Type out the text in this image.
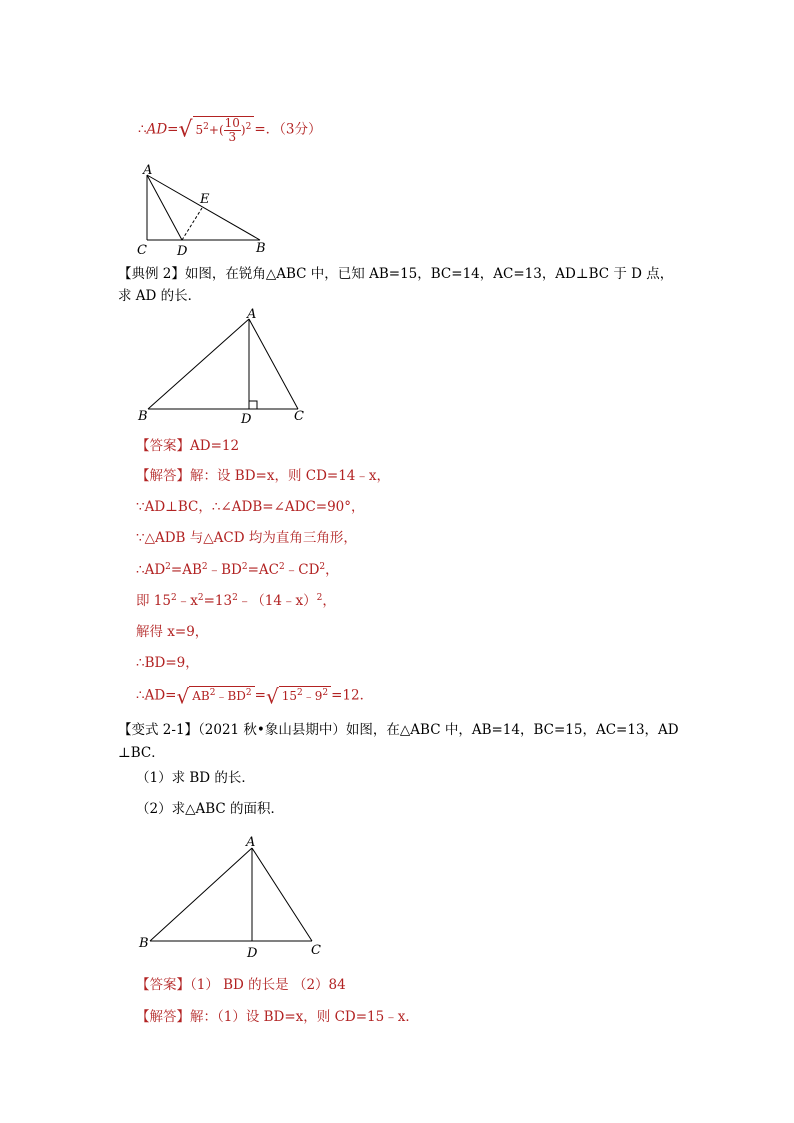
∴AD=√ $5^2+( \frac{10}{3} )^2$ =．（3分）
A
E
C D	B
【典例 2】如图，在锐角△ABC 中，已知 AB=15，BC=14，AC=13，AD⊥BC 于 D 点，
求 AD 的长．
A
B	D	C
【答案】AD=12
【解答】解：设 BD=x，则 CD=14﹣x，
∵AD⊥BC，∴∠ADB=∠ADC=90°，
∵△ADB 与△ACD 均为直角三角形，
$\therefore AD^2=AB^2﹣BD^2=AC^2﹣CD^2$，
即 $15^2﹣x^2=13^2﹣(14﹣x)^2$，
解得 x=9，
∴BD=9，
∴AD=√ $AB^2﹣BD^2$ =√ $15^2﹣9^2 =12$．
【变式 2-1】（2021 秋•象山县期中）如图，在△ABC 中，AB=14，BC=15，AC=13，AD
⊥BC．
（1）求 BD 的长．
（2）求△ABC 的面积．
A
B
D	C
【答案】（1） BD 的长是 （2）84
【解答】解：（1）设 BD=x，则 CD=15﹣x．
